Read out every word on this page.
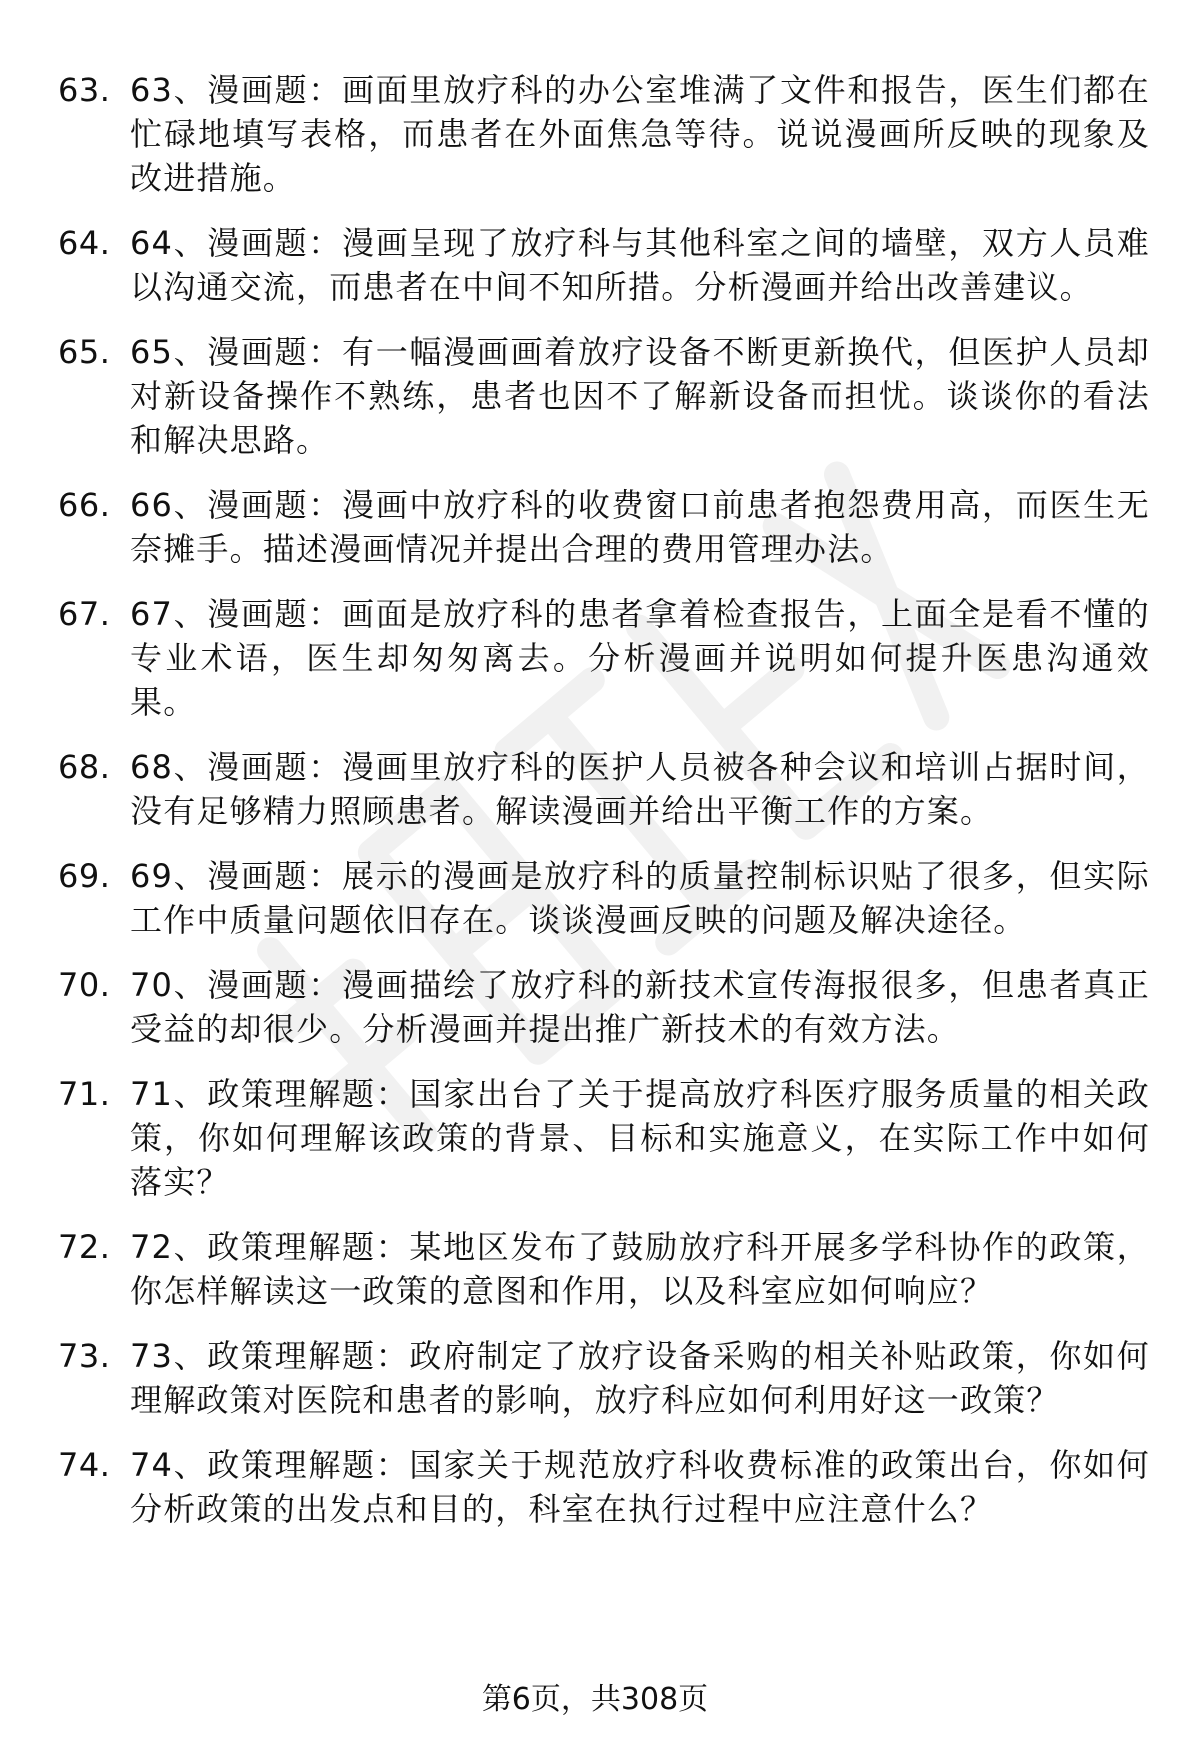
63. 63、漫画题：画面里放疗科的办公室堆满了文件和报告，医生们都在忙碌地填写表格，而患者在外面焦急等待。说说漫画所反映的现象及改进措施。
64. 64、漫画题：漫画呈现了放疗科与其他科室之间的墙壁，双方人员难以沟通交流，而患者在中间不知所措。分析漫画并给出改善建议。
65. 65、漫画题：有一幅漫画画着放疗设备不断更新换代，但医护人员却对新设备操作不熟练，患者也因不了解新设备而担忧。谈谈你的看法和解决思路。
66. 66、漫画题：漫画中放疗科的收费窗口前患者抱怨费用高，而医生无奈摊手。描述漫画情况并提出合理的费用管理办法。
67. 67、漫画题：画面是放疗科的患者拿着检查报告，上面全是看不懂的专业术语，医生却匆匆离去。分析漫画并说明如何提升医患沟通效果。
68. 68、漫画题：漫画里放疗科的医护人员被各种会议和培训占据时间，没有足够精力照顾患者。解读漫画并给出平衡工作的方案。
69. 69、漫画题：展示的漫画是放疗科的质量控制标识贴了很多，但实际工作中质量问题依旧存在。谈谈漫画反映的问题及解决途径。
70. 70、漫画题：漫画描绘了放疗科的新技术宣传海报很多，但患者真正受益的却很少。分析漫画并提出推广新技术的有效方法。
71. 71、政策理解题：国家出台了关于提高放疗科医疗服务质量的相关政策，你如何理解该政策的背景、目标和实施意义，在实际工作中如何落实？
72. 72、政策理解题：某地区发布了鼓励放疗科开展多学科协作的政策，你怎样解读这一政策的意图和作用，以及科室应如何响应？
73. 73、政策理解题：政府制定了放疗设备采购的相关补贴政策，你如何理解政策对医院和患者的影响，放疗科应如何利用好这一政策？
74. 74、政策理解题：国家关于规范放疗科收费标准的政策出台，你如何分析政策的出发点和目的，科室在执行过程中应注意什么？
第6页，共308页
